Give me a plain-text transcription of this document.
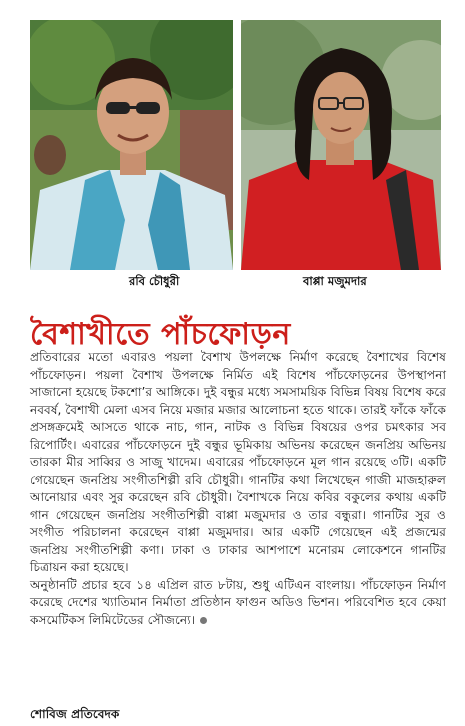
রবি চৌধুরী	বাপ্পা মজুমদার
বৈশাখীতে পাঁচফোড়ন

প্রতিবারের মতো এবারও পয়লা বৈশাখ উপলক্ষে নির্মাণ করেছে বৈশাখের বিশেষ পাঁচফোড়ন। পয়লা বৈশাখ উপলক্ষে নির্মিত এই বিশেষ পাঁচফোড়নের উপস্থাপনা সাজানো হয়েছে টকশো’র আঙ্গিকে। দুই বন্ধুর মধ্যে সমসাময়িক বিভিন্ন বিষয় বিশেষ করে নববর্ষ, বৈশাখী মেলা এসব নিয়ে মজার মজার আলোচনা হতে থাকে। তারই ফাঁকে ফাঁকে প্রসঙ্গক্রমেই আসতে থাকে নাচ, গান, নাটক ও বিভিন্ন বিষয়ের ওপর চমৎকার সব রিপোর্টিং। এবারের পাঁচফোড়নে দুই বন্ধুর ভূমিকায় অভিনয় করেছেন জনপ্রিয় অভিনয় তারকা মীর সাব্বির ও সাজু খাদেম। এবারের পাঁচফোড়নে মূল গান রয়েছে ৩টি। একটি গেয়েছেন জনপ্রিয় সংগীতশিল্পী রবি চৌধুরী। গানটির কথা লিখেছেন গাজী মাজহারুল আনোয়ার এবং সুর করেছেন রবি চৌধুরী। বৈশাখকে নিয়ে কবির বকুলের কথায় একটি গান গেয়েছেন জনপ্রিয় সংগীতশিল্পী বাপ্পা মজুমদার ও তার বন্ধুরা। গানটির সুর ও সংগীত পরিচালনা করেছেন বাপ্পা মজুমদার। আর একটি গেয়েছেন এই প্রজন্মের জনপ্রিয় সংগীতশিল্পী কণা। ঢাকা ও ঢাকার আশপাশে মনোরম লোকেশনে গানটির চিত্রায়ন করা হয়েছে।

অনুষ্ঠানটি প্রচার হবে ১৪ এপ্রিল রাত ৮টায়, শুধু এটিএন বাংলায়। পাঁচফোড়ন নির্মাণ করেছে দেশের খ্যাতিমান নির্মাতা প্রতিষ্ঠান ফাগুন অডিও ভিশন। পরিবেশিত হবে কেয়া কসমেটিকস লিমিটেডের সৌজন্যে।

শোবিজ প্রতিবেদক
